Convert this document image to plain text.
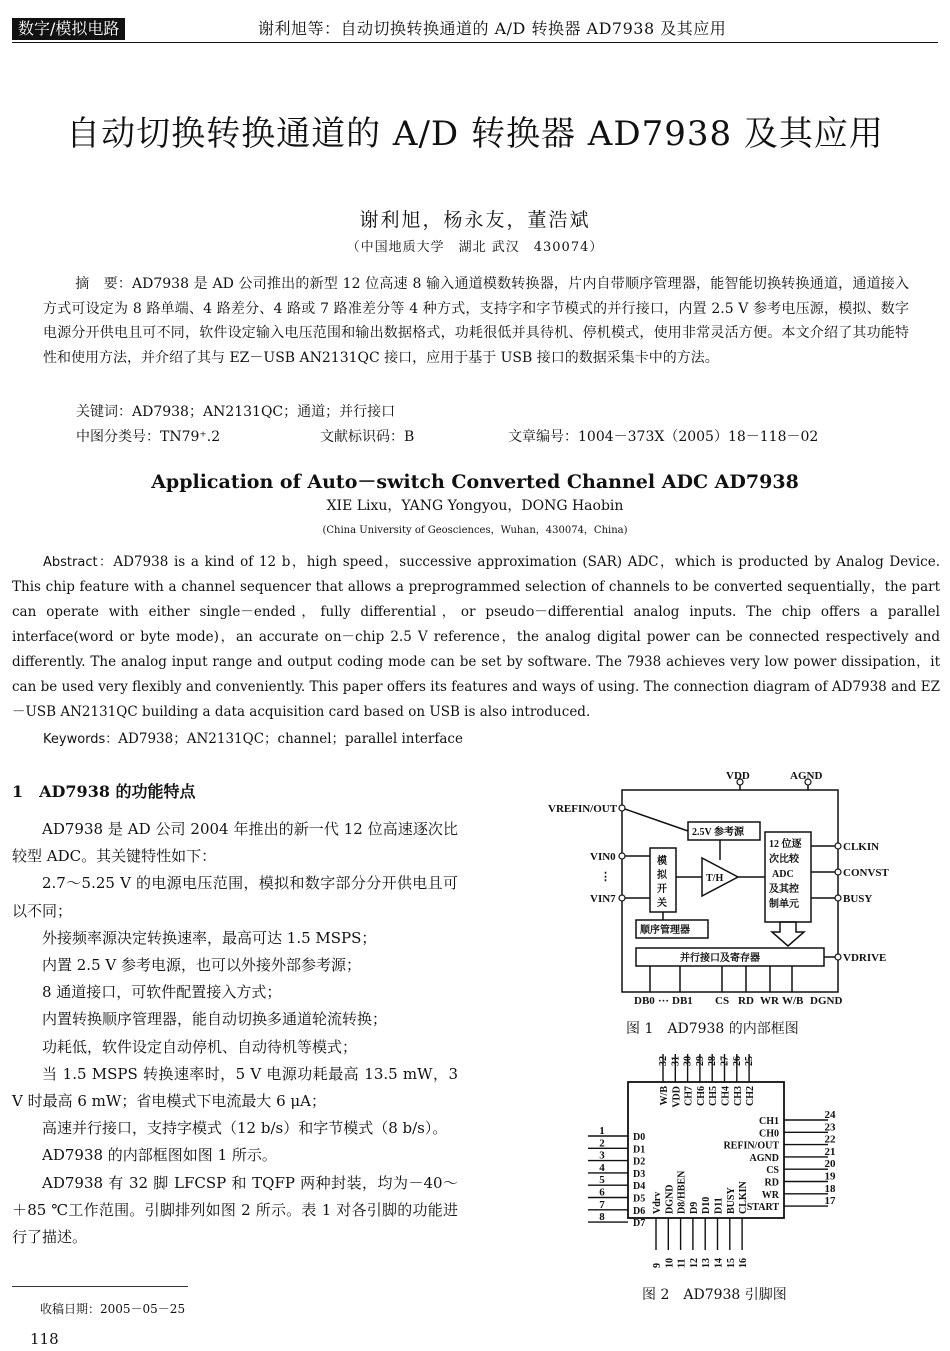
数字/模拟电路	谢利旭等：自动切换转换通道的 A/D 转换器 AD7938 及其应用
自动切换转换通道的 A/D 转换器 AD7938 及其应用
谢利旭，杨永友，董浩斌
（中国地质大学　湖北 武汉　430074）
摘　要：AD7938 是 AD 公司推出的新型 12 位高速 8 输入通道模数转换器，片内自带顺序管理器，能智能切换转换通道，通道接入方式可设定为 8 路单端、4 路差分、4 路或 7 路准差分等 4 种方式，支持字和字节模式的并行接口，内置 2.5 V 参考电压源，模拟、数字电源分开供电且可不同，软件设定输入电压范围和输出数据格式，功耗很低并具待机、停机模式，使用非常灵活方便。本文介绍了其功能特性和使用方法，并介绍了其与 EZ－USB AN2131QC 接口，应用于基于 USB 接口的数据采集卡中的方法。
关键词：AD7938；AN2131QC；通道；并行接口
中图分类号：TN79⁺.2	文献标识码：B	文章编号：1004－373X（2005）18－118－02
Application of Auto－switch Converted Channel ADC AD7938
XIE Lixu，YANG Yongyou，DONG Haobin
(China University of Geosciences，Wuhan，430074，China)
Abstract：AD7938 is a kind of 12 b，high speed，successive approximation (SAR) ADC，which is producted by Analog Device. This chip feature with a channel sequencer that allows a preprogrammed selection of channels to be converted sequentially，the part can operate with either single－ended，fully differential，or pseudo－differential analog inputs. The chip offers a parallel interface(word or byte mode)，an accurate on－chip 2.5 V reference，the analog digital power can be connected respectively and differently. The analog input range and output coding mode can be set by software. The 7938 achieves very low power dissipation，it can be used very flexibly and conveniently. This paper offers its features and ways of using. The connection diagram of AD7938 and EZ－USB AN2131QC building a data acquisition card based on USB is also introduced.
Keywords：AD7938；AN2131QC；channel；parallel interface
1　AD7938 的功能特点

AD7938 是 AD 公司 2004 年推出的新一代 12 位高速逐次比较型 ADC。其关键特性如下：

2.7～5.25 V 的电源电压范围，模拟和数字部分分开供电且可以不同；

外接频率源决定转换速率，最高可达 1.5 MSPS；

内置 2.5 V 参考电源，也可以外接外部参考源；

8 通道接口，可软件配置接入方式；

内置转换顺序管理器，能自动切换多通道轮流转换；

功耗低，软件设定自动停机、自动待机等模式；

当 1.5 MSPS 转换速率时，5 V 电源功耗最高 13.5 mW，3 V 时最高 6 mW；省电模式下电流最大 6 μA；

高速并行接口，支持字模式（12 b/s）和字节模式（8 b/s）。

AD7938 的内部框图如图 1 所示。

AD7938 有 32 脚 LFCSP 和 TQFP 两种封装，均为－40～＋85 ℃工作范围。引脚排列如图 2 所示。表 1 对各引脚的功能进行了描述。

收稿日期：2005－05－25
118
VDD	AGND
VREFIN/OUT
VIN0
⋮
VIN7
CLKIN
CONVST
BUSY
VDRIVE
DB0 ··· DB1 CS RD WR W/B DGND
2.5V 参考源
模
拟
开
关
T/H
12 位逐
次比较
ADC
及其控
制单元
顺序管理器
并行接口及寄存器
图 1　AD7938 的内部框图
32
W/B
Vdrv
9
1
D0
24
CH1
31
VDD
DGND
10
2
D1
23
CH0
30
CH7
D8/HBEN
11
3
D2
22
REFIN/OUT
29
CH6
D9
12
4
D3
21
AGND
28
CH5
D10
13
5
D4
20
CS
27
CH4
D11
14
6
D5
19
RD
26
CH3
BUSY
15
7
D6
18
WR
25
CH2
CLKIN
16
8
D7
17
START
图 2　AD7938 引脚图
